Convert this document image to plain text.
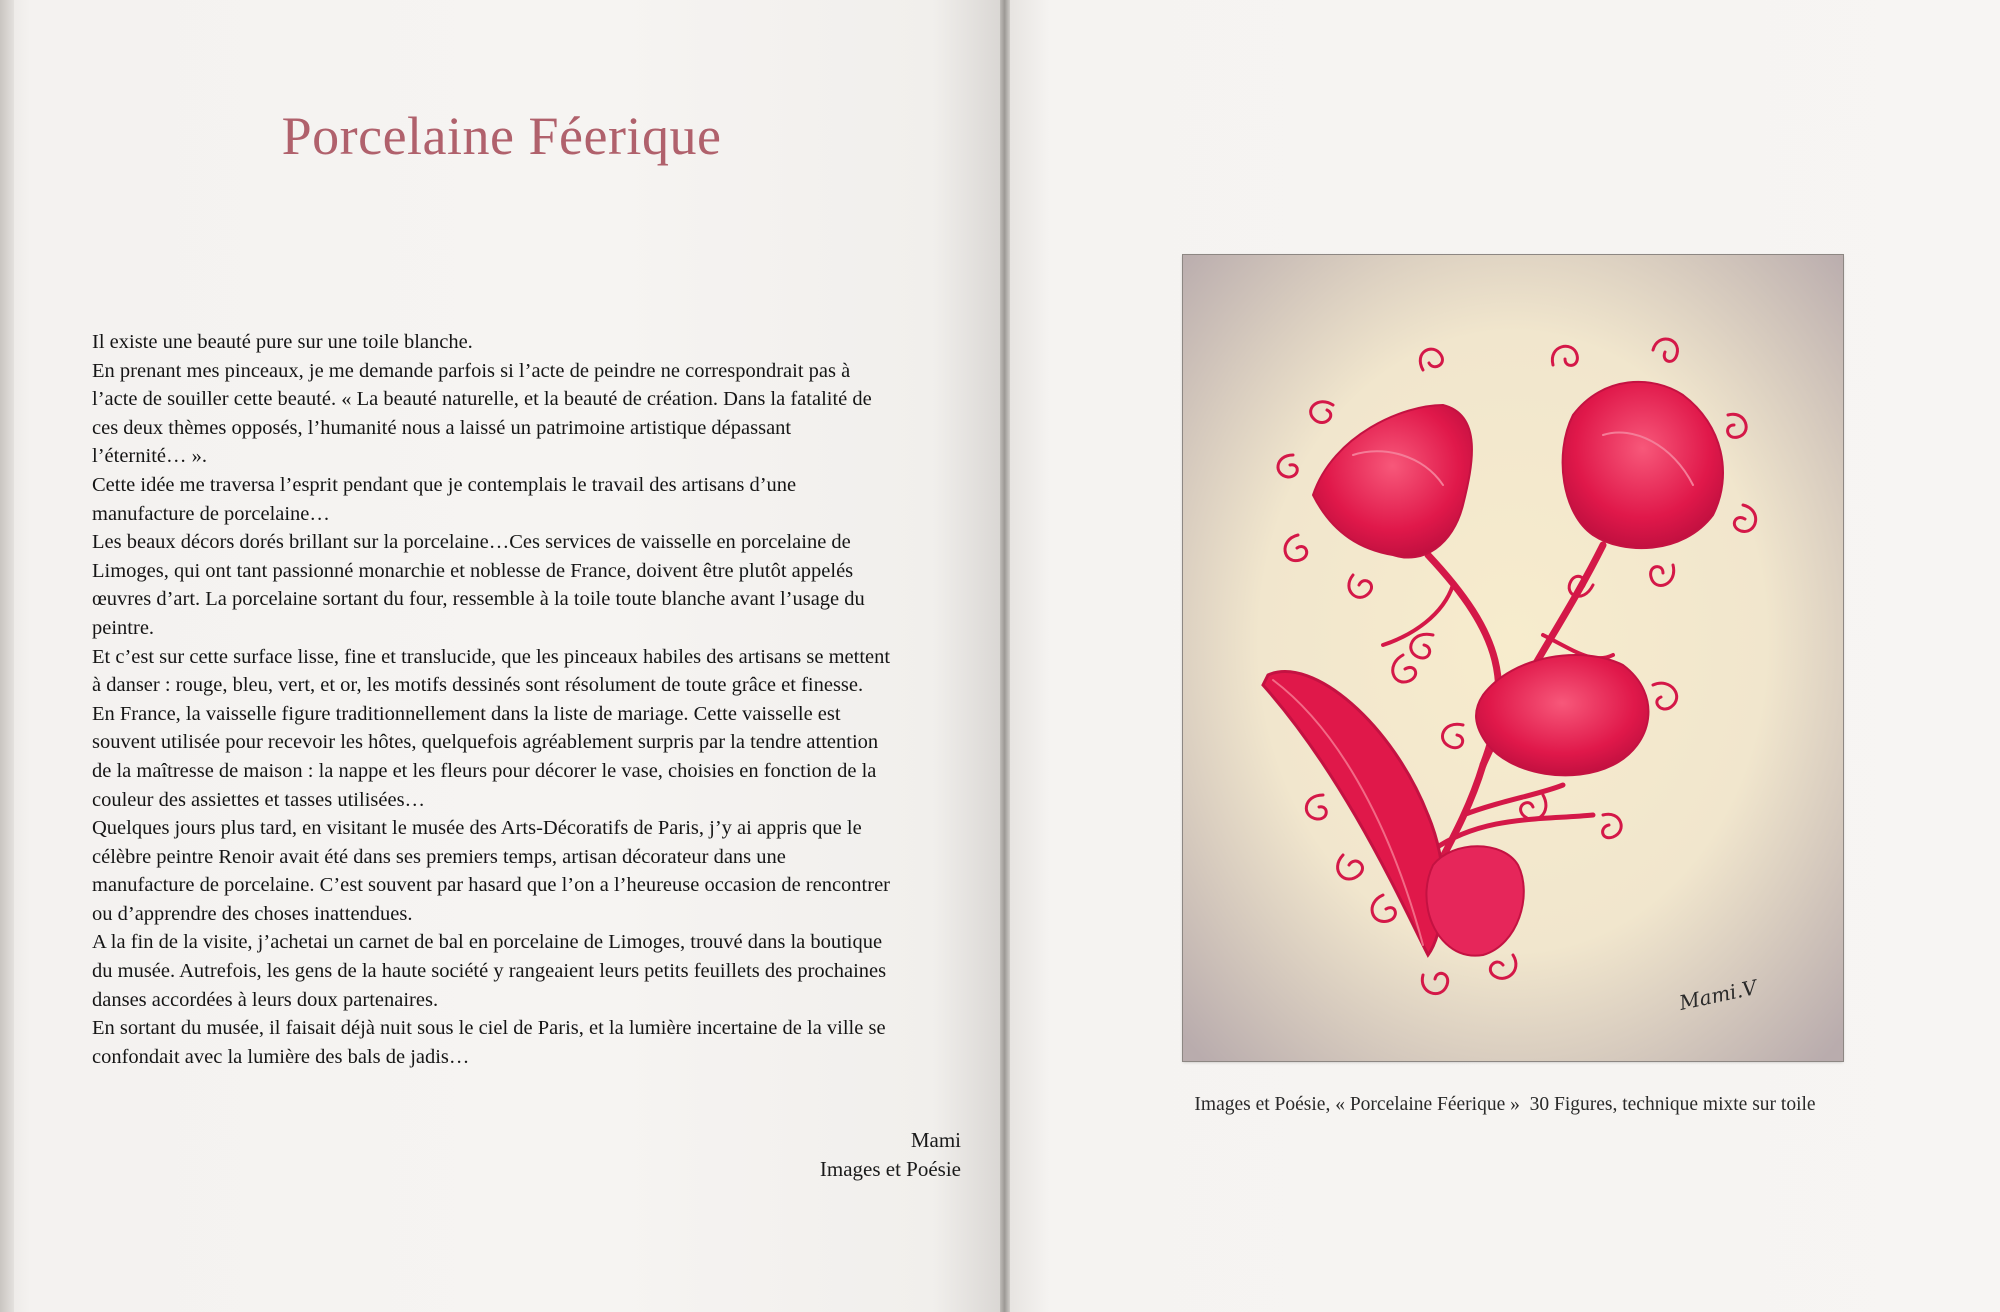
Porcelaine Féerique

Il existe une beauté pure sur une toile blanche.

En prenant mes pinceaux, je me demande parfois si l’acte de peindre ne correspondrait pas à

l’acte de souiller cette beauté. « La beauté naturelle, et la beauté de création. Dans la fatalité de

ces deux thèmes opposés, l’humanité nous a laissé un patrimoine artistique dépassant

l’éternité… ».

Cette idée me traversa l’esprit pendant que je contemplais le travail des artisans d’une

manufacture de porcelaine…

Les beaux décors dorés brillant sur la porcelaine…Ces services de vaisselle en porcelaine de

Limoges, qui ont tant passionné monarchie et noblesse de France, doivent être plutôt appelés

œuvres d’art. La porcelaine sortant du four, ressemble à la toile toute blanche avant l’usage du

peintre.

Et c’est sur cette surface lisse, fine et translucide, que les pinceaux habiles des artisans se mettent

à danser : rouge, bleu, vert, et or, les motifs dessinés sont résolument de toute grâce et finesse.

En France, la vaisselle figure traditionnellement dans la liste de mariage. Cette vaisselle est

souvent utilisée pour recevoir les hôtes, quelquefois agréablement surpris par la tendre attention

de la maîtresse de maison : la nappe et les fleurs pour décorer le vase, choisies en fonction de la

couleur des assiettes et tasses utilisées…

Quelques jours plus tard, en visitant le musée des Arts-Décoratifs de Paris, j’y ai appris que le

célèbre peintre Renoir avait été dans ses premiers temps, artisan décorateur dans une

manufacture de porcelaine. C’est souvent par hasard que l’on a l’heureuse occasion de rencontrer

ou d’apprendre des choses inattendues.

A la fin de la visite, j’achetai un carnet de bal en porcelaine de Limoges, trouvé dans la boutique

du musée. Autrefois, les gens de la haute société y rangeaient leurs petits feuillets des prochaines

danses accordées à leurs doux partenaires.

En sortant du musée, il faisait déjà nuit sous le ciel de Paris, et la lumière incertaine de la ville se

confondait avec la lumière des bals de jadis…

Mami
Images et Poésie
Mami.V
Images et Poésie, « Porcelaine Féerique »  30 Figures, technique mixte sur toile
